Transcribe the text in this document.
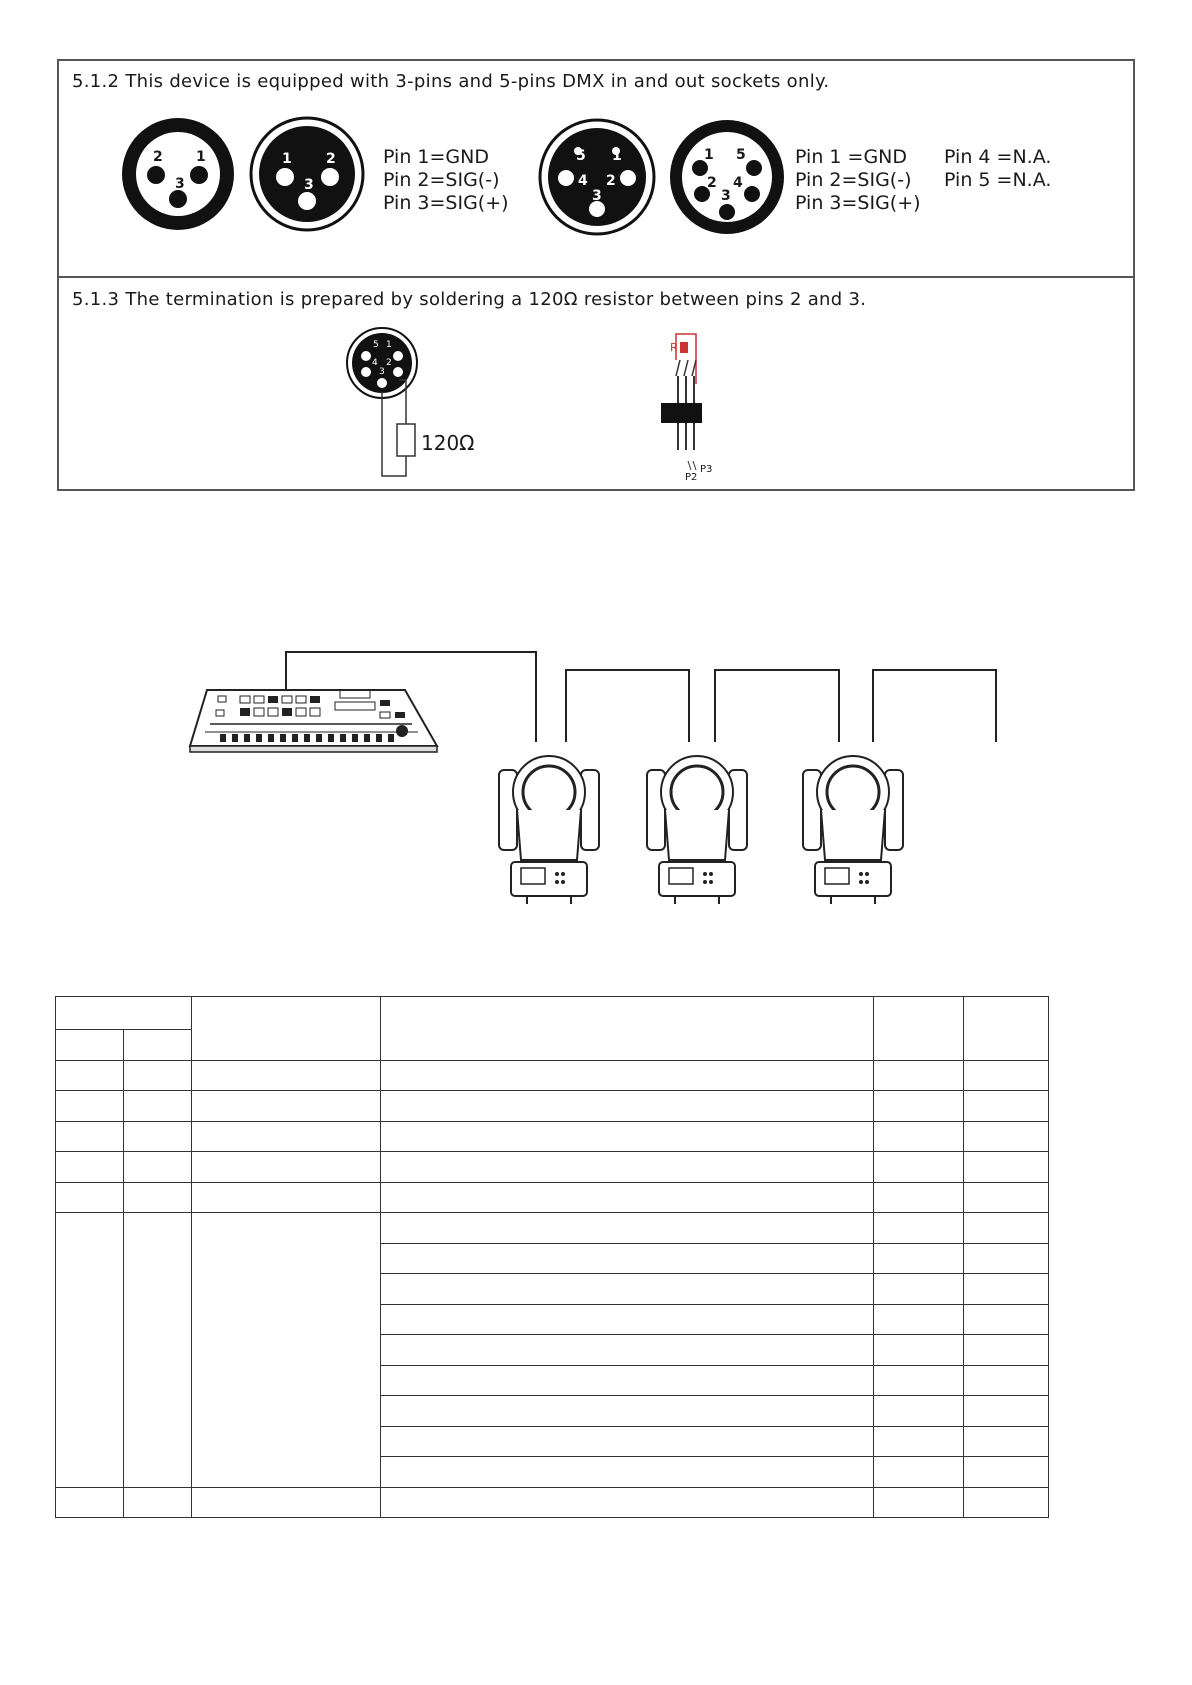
5.1.2 This device is equipped with 3-pins and 5-pins DMX in and out sockets only.
2 1
3
1 2
3
5 1
4 2
3
1 5
2 4
3
Pin 1=GND
Pin 2=SIG(-)
Pin 3=SIG(+)
Pin 1 =GND
Pin 2=SIG(-)
Pin 3=SIG(+)
Pin 4 =N.A.
Pin 5 =N.A.
5.1.3 The termination is prepared by soldering a 120Ω resistor between pins 2 and 3.
5 1
4 2
3
120Ω
R
P2
P3
